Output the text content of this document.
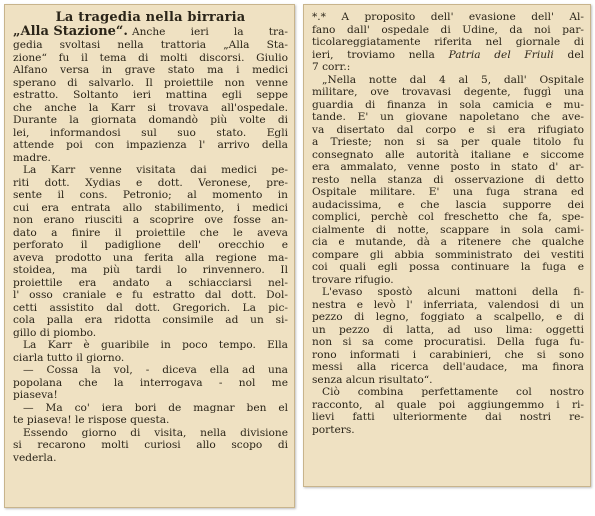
La tragedia nella birraria
„Alla Stazione“. Anche ieri la tra-
gedia svoltasi nella trattoria „Alla Sta-
zione“ fu il tema di molti discorsi. Giulio
Alfano versa in grave stato ma i medici
sperano di salvarlo. Il proiettile non venne
estratto. Soltanto ieri mattina egli seppe
che anche la Karr si trovava all'ospedale.
Durante la giornata domandò più volte di
lei, informandosi sul suo stato. Egli
attende poi con impazienza l' arrivo della
madre.
La Karr venne visitata dai medici pe-
riti dott. Xydias e dott. Veronese, pre-
sente il cons. Petronio; al momento in
cui era entrata allo stabilimento, i medici
non erano riusciti a scoprire ove fosse an-
dato a finire il proiettile che le aveva
perforato il padiglione dell' orecchio e
aveva prodotto una ferita alla regione ma-
stoidea, ma più tardi lo rinvennero. Il
proiettile era andato a schiacciarsi nel-
l' osso craniale e fu estratto dal dott. Dol-
cetti assistito dal dott. Gregorich. La pic-
cola palla era ridotta consimile ad un si-
gillo di piombo.
La Karr è guaribile in poco tempo. Ella
ciarla tutto il giorno.
— Cossa la vol, - diceva ella ad una
popolana che la interrogava - nol me
piaseva!
— Ma co' iera bori de magnar ben el
te piaseva! le rispose questa.
Essendo giorno di visita, nella divisione
si recarono molti curiosi allo scopo di
vederla.
*.* A proposito dell' evasione dell' Al-
fano dall' ospedale di Udine, da noi par-
ticolareggiatamente riferita nel giornale di
ieri, troviamo nella Patria del Friuli del
7 corr.:
„Nella notte dal 4 al 5, dall' Ospitale
militare, ove trovavasi degente, fuggì una
guardia di finanza in sola camicia e mu-
tande. E' un giovane napoletano che ave-
va disertato dal corpo e si era rifugiato
a Trieste; non si sa per quale titolo fu
consegnato alle autorità italiane e siccome
era ammalato, venne posto in stato d' ar-
resto nella stanza di osservazione di detto
Ospitale militare. E' una fuga strana ed
audacissima, e che lascia supporre dei
complici, perchè col freschetto che fa, spe-
cialmente di notte, scappare in sola cami-
cia e mutande, dà a ritenere che qualche
compare gli abbia somministrato dei vestiti
coi quali egli possa continuare la fuga e
trovare rifugio.
L'evaso spostò alcuni mattoni della fi-
nestra e levò l' inferriata, valendosi di un
pezzo di legno, foggiato a scalpello, e di
un pezzo di latta, ad uso lima: oggetti
non si sa come procuratisi. Della fuga fu-
rono informati i carabinieri, che si sono
messi alla ricerca dell'audace, ma finora
senza alcun risultato“.
Ciò combina perfettamente col nostro
racconto, al quale poi aggiungemmo i ri-
lievi fatti ulteriormente dai nostri re-
porters.
